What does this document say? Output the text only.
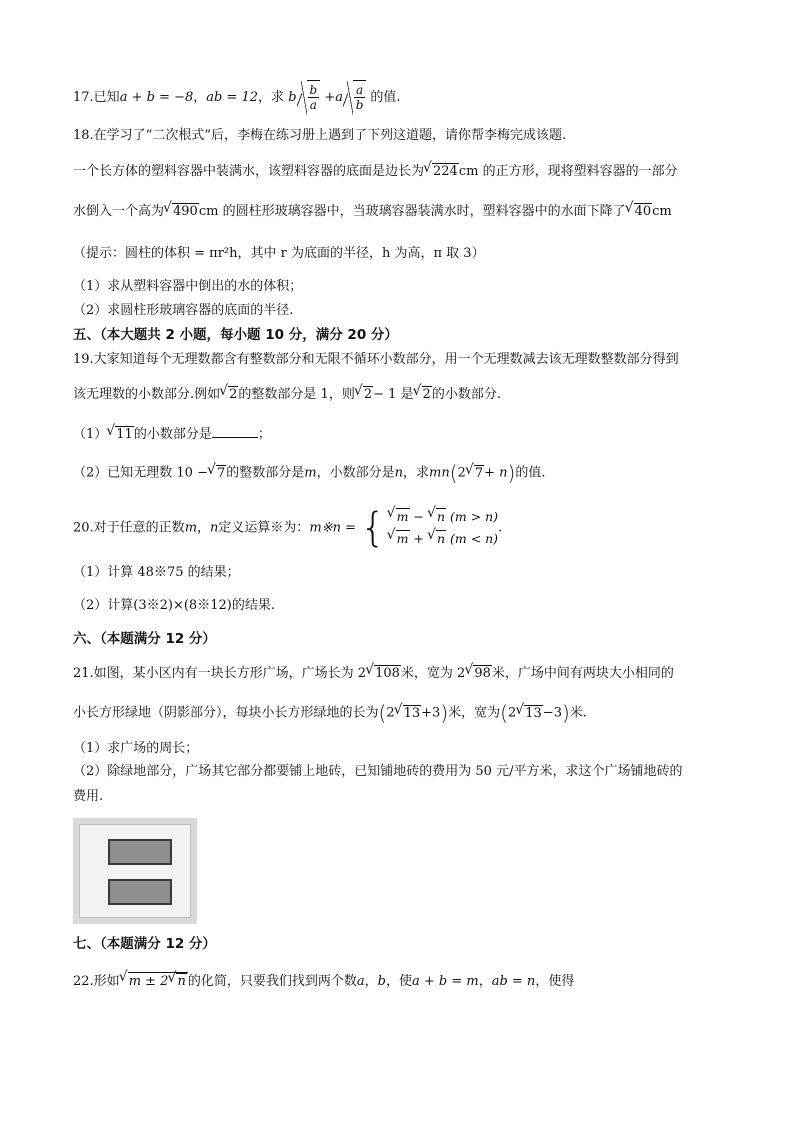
17.已知a + b = −8，ab = 12，求 b $\frac{b}{a} +a \frac{a}{b}$ 的值.
18.在学习了“二次根式”后，李梅在练习册上遇到了下列这道题，请你帮李梅完成该题.
一个长方体的塑料容器中装满水，该塑料容器的底面是边长为 √ 224cm 的正方形，现将塑料容器的一部分
水倒入一个高为 √ 490cm 的圆柱形玻璃容器中，当玻璃容器装满水时，塑料容器中的水面下降了 √ 40cm
（提示：圆柱的体积 = πr²h，其中 r 为底面的半径，h 为高，π 取 3）
（1）求从塑料容器中倒出的水的体积；
（2）求圆柱形玻璃容器的底面的半径.
五、（本大题共 2 小题，每小题 10 分，满分 20 分）
19.大家知道每个无理数都含有整数部分和无限不循环小数部分，用一个无理数减去该无理数整数部分得到
该无理数的小数部分.例如 √ 2的整数部分是 1，则 √ 2− 1 是 √ 2的小数部分.
（1） √ 11的小数部分是	；
（2）已知无理数 10 − √ 7的整数部分是m，小数部分是n，求mn(2 √ 7+ n)的值.
20.对于任意的正数m，n定义运算※为：m※n = { √ m − √ n (m > n)
√ m + √ n (m < n)
.
（1）计算 48※75 的结果；
（2）计算(3※2)×(8※12)的结果.
六、（本题满分 12 分）
21.如图，某小区内有一块长方形广场，广场长为 2 √ 108米，宽为 2 √ 98米，广场中间有两块大小相同的
小长方形绿地（阴影部分），每块小长方形绿地的长为(2 √ 13+3)米，宽为(2 √ 13−3)米.
（1）求广场的周长；
（2）除绿地部分，广场其它部分都要铺上地砖，已知铺地砖的费用为 50 元/平方米，求这个广场铺地砖的
费用.
七、（本题满分 12 分）
22.形如 √ m ± 2 √ n 的化简，只要我们找到两个数a，b，使a + b = m，ab = n，使得
